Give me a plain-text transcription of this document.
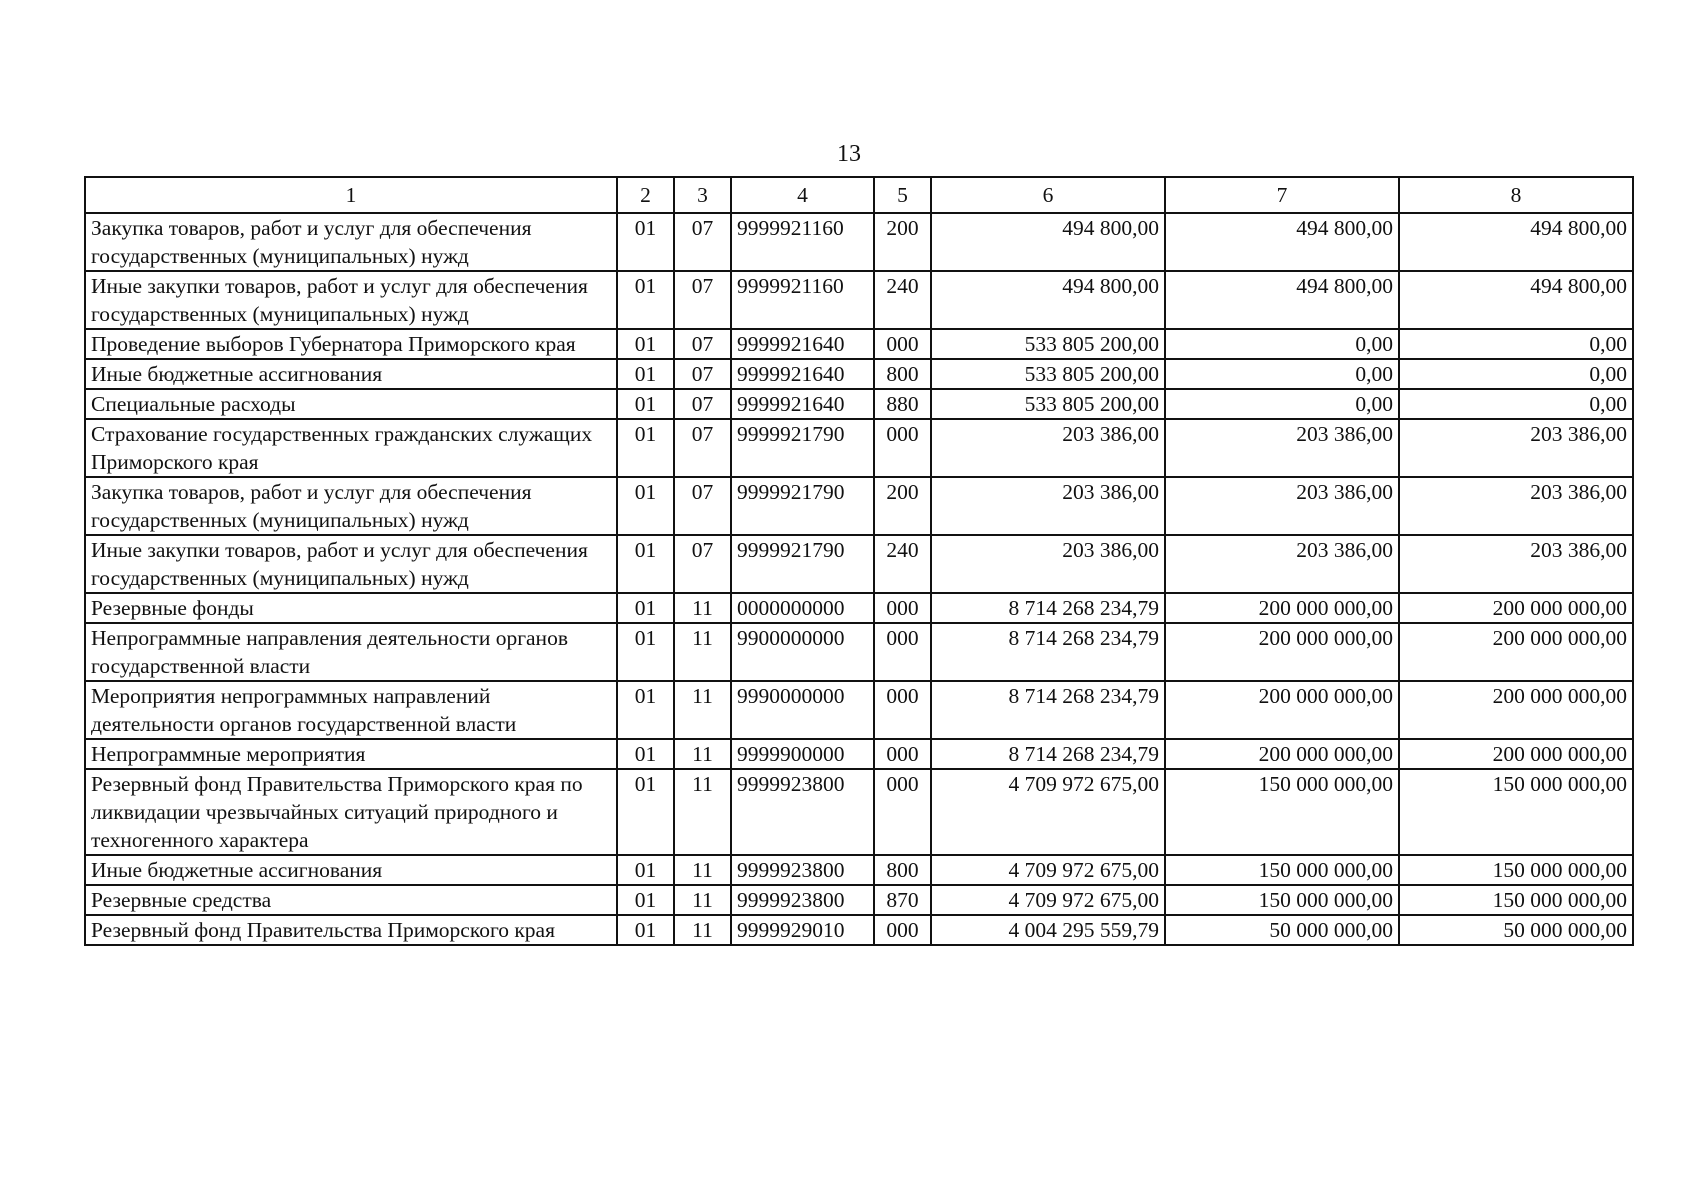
13
1	2	3	4	5	6	7	8
Закупка товаров, работ и услуг для обеспечения государственных (муниципальных) нужд	01	07	9999921160	200	494 800,00	494 800,00	494 800,00
Иные закупки товаров, работ и услуг для обеспечения государственных (муниципальных) нужд	01	07	9999921160	240	494 800,00	494 800,00	494 800,00
Проведение выборов Губернатора Приморского края	01	07	9999921640	000	533 805 200,00	0,00	0,00
Иные бюджетные ассигнования	01	07	9999921640	800	533 805 200,00	0,00	0,00
Специальные расходы	01	07	9999921640	880	533 805 200,00	0,00	0,00
Страхование государственных гражданских служащих Приморского края	01	07	9999921790	000	203 386,00	203 386,00	203 386,00
Закупка товаров, работ и услуг для обеспечения государственных (муниципальных) нужд	01	07	9999921790	200	203 386,00	203 386,00	203 386,00
Иные закупки товаров, работ и услуг для обеспечения государственных (муниципальных) нужд	01	07	9999921790	240	203 386,00	203 386,00	203 386,00
Резервные фонды	01	11	0000000000	000	8 714 268 234,79	200 000 000,00	200 000 000,00
Непрограммные направления деятельности органов государственной власти	01	11	9900000000	000	8 714 268 234,79	200 000 000,00	200 000 000,00
Мероприятия непрограммных направлений деятельности органов государственной власти	01	11	9990000000	000	8 714 268 234,79	200 000 000,00	200 000 000,00
Непрограммные мероприятия	01	11	9999900000	000	8 714 268 234,79	200 000 000,00	200 000 000,00
Резервный фонд Правительства Приморского края по ликвидации чрезвычайных ситуаций природного и техногенного характера	01	11	9999923800	000	4 709 972 675,00	150 000 000,00	150 000 000,00
Иные бюджетные ассигнования	01	11	9999923800	800	4 709 972 675,00	150 000 000,00	150 000 000,00
Резервные средства	01	11	9999923800	870	4 709 972 675,00	150 000 000,00	150 000 000,00
Резервный фонд Правительства Приморского края	01	11	9999929010	000	4 004 295 559,79	50 000 000,00	50 000 000,00
